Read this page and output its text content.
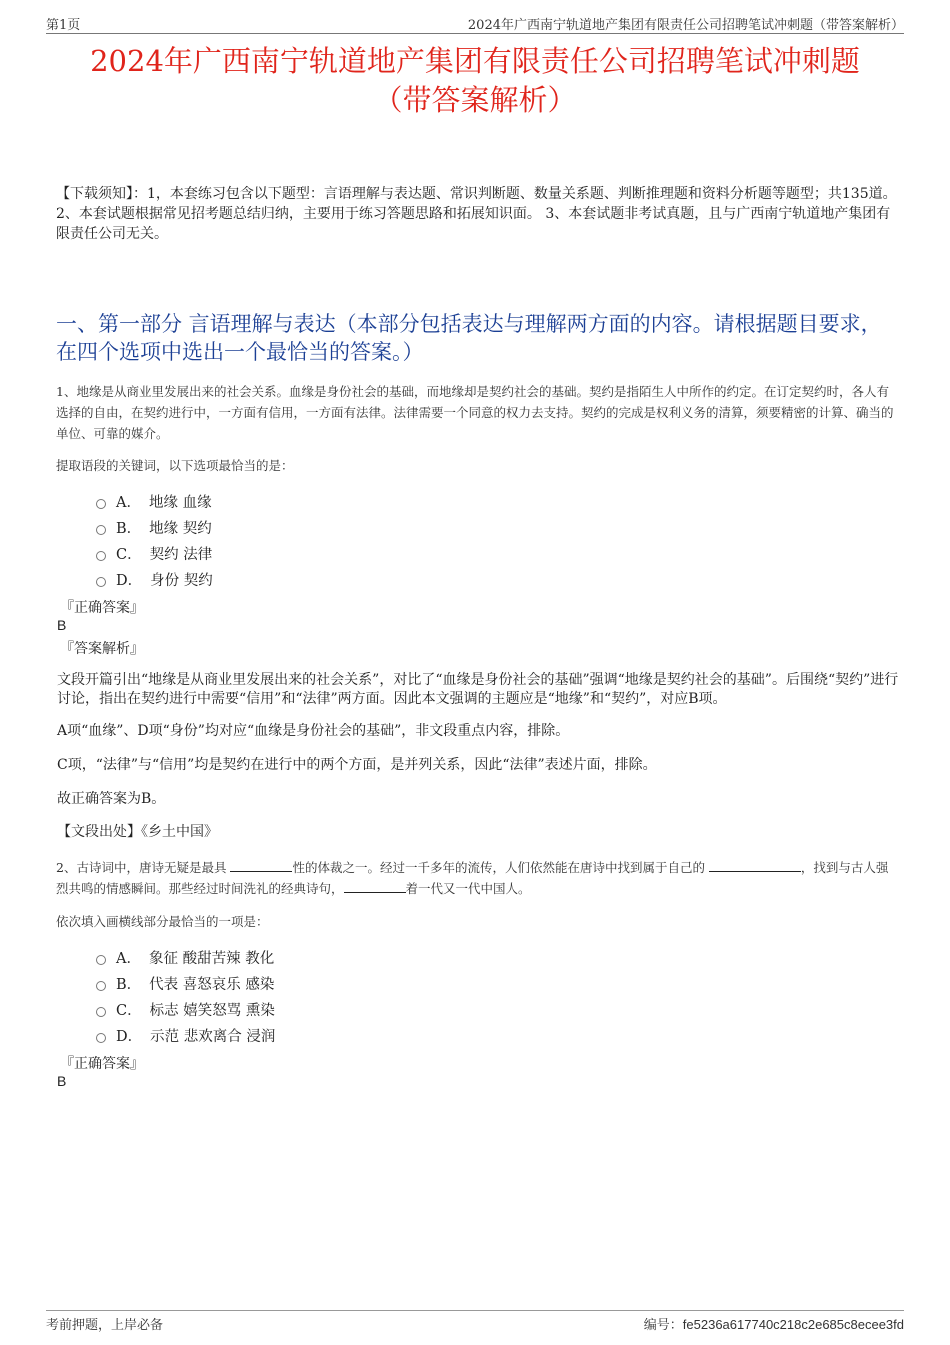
第1页	2024年广西南宁轨道地产集团有限责任公司招聘笔试冲刺题（带答案解析）
2024年广西南宁轨道地产集团有限责任公司招聘笔试冲刺题
（带答案解析）
【下载须知】：1，本套练习包含以下题型：言语理解与表达题、常识判断题、数量关系题、判断推理题和资料分析题等题型；共135道。 2、本套试题根据常见招考题总结归纳，主要用于练习答题思路和拓展知识面。 3、本套试题非考试真题，且与广西南宁轨道地产集团有限责任公司无关。
一、第一部分 言语理解与表达（本部分包括表达与理解两方面的内容。请根据题目要求，在四个选项中选出一个最恰当的答案。）
1、地缘是从商业里发展出来的社会关系。血缘是身份社会的基础，而地缘却是契约社会的基础。契约是指陌生人中所作的约定。在订定契约时，各人有选择的自由，在契约进行中，一方面有信用，一方面有法律。法律需要一个同意的权力去支持。契约的完成是权利义务的清算，须要精密的计算、确当的单位、可靠的媒介。
提取语段的关键词，以下选项最恰当的是：
A． 地缘 血缘
B． 地缘 契约
C． 契约 法律
D． 身份 契约
『正确答案』
B
『答案解析』
文段开篇引出“地缘是从商业里发展出来的社会关系”，对比了“血缘是身份社会的基础”强调“地缘是契约社会的基础”。后围绕“契约”进行讨论，指出在契约进行中需要“信用”和“法律”两方面。因此本文强调的主题应是“地缘”和“契约”，对应B项。
A项“血缘”、D项“身份”均对应“血缘是身份社会的基础”，非文段重点内容，排除。
C项，“法律”与“信用”均是契约在进行中的两个方面，是并列关系，因此“法律”表述片面，排除。
故正确答案为B。
【文段出处】《乡土中国》
2、古诗词中，唐诗无疑是最具	性的体裁之一。经过一千多年的流传，人们依然能在唐诗中找到属于自己的	，找到与古人强烈共鸣的情感瞬间。那些经过时间洗礼的经典诗句，	着一代又一代中国人。
依次填入画横线部分最恰当的一项是：
A． 象征 酸甜苦辣 教化
B． 代表 喜怒哀乐 感染
C． 标志 嬉笑怒骂 熏染
D． 示范 悲欢离合 浸润
『正确答案』
B
考前押题，上岸必备	编号：fe5236a617740c218c2e685c8ecee3fd
